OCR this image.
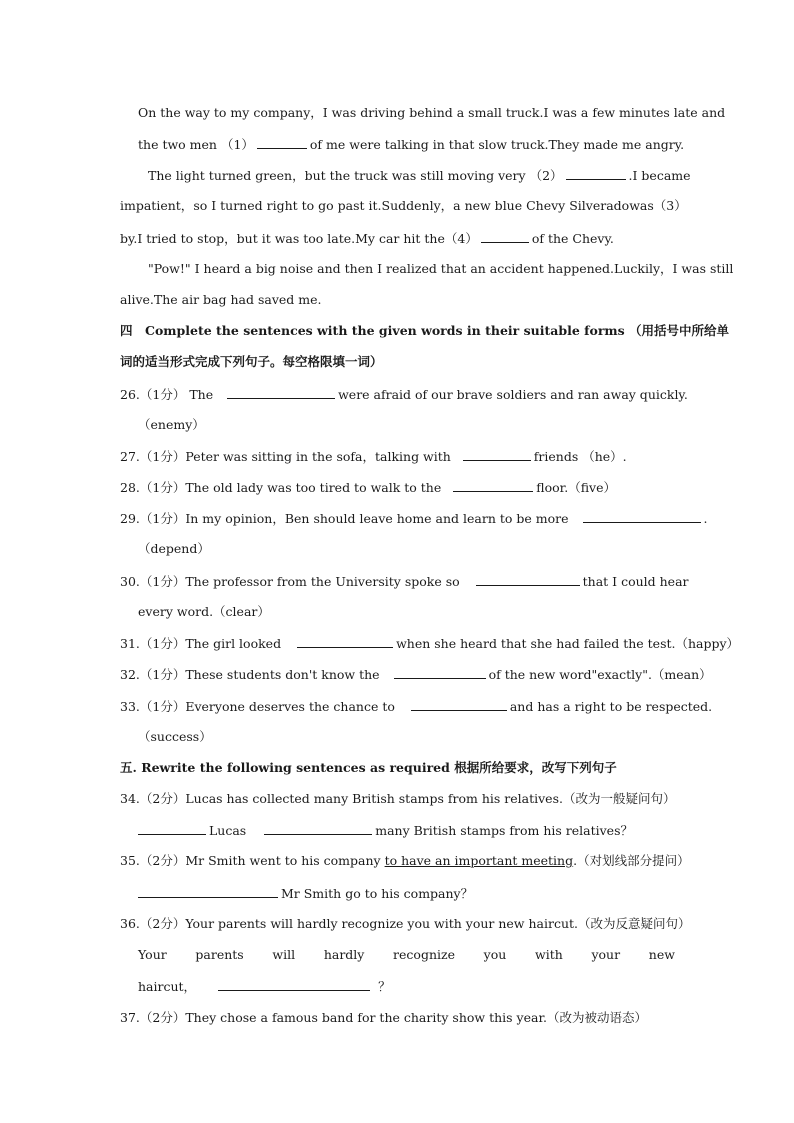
On the way to my company，I was driving behind a small truck.I was a few minutes late and
the two men （1）	of me were talking in that slow truck.They made me angry.
The light turned green，but the truck was still moving very （2）	.I became
impatient， so I turned right to go past it.Suddenly， a new blue Chevy Silverado was （3）
by.I tried to stop，but it was too late.My car hit the（4）	of the Chevy.
"Pow!" I heard a big noise and then I realized that an accident happened.Luckily，I was still
alive.The air bag had saved me.
四　Complete the sentences with the given words in their suitable forms （用括号中所给单
词的适当形式完成下列句子。每空格限填一词）
26.（1分） The	were afraid of our brave soldiers and ran away quickly.
（enemy）
27.（1分）Peter was sitting in the sofa，talking with	friends （he）.
28.（1分）The old lady was too tired to walk to the	floor.（five）
29.（1分）In my opinion，Ben should leave home and learn to be more	.
（depend）
30.（1分）The professor from the University spoke so	that I could hear
every word.（clear）
31.（1分）The girl looked	when she heard that she had failed the test.（happy）
32.（1分）These students don't know the	of the new word"exactly".（mean）
33.（1分）Everyone deserves the chance to	and has a right to be respected.
（success）
五. Rewrite the following sentences as required 根据所给要求，改写下列句子
34.（2分）Lucas has collected many British stamps from his relatives.（改为一般疑问句）
Lucas	many British stamps from his relatives？
35.（2分）Mr Smith went to his company to have an important meeting.（对划线部分提问）
Mr Smith go to his company？
36.（2分）Your parents will hardly recognize you with your new haircut.（改为反意疑问句）
Your parents will hardly recognize you with your new
haircut，	？
37.（2分）They chose a famous band for the charity show this year.（改为被动语态）
